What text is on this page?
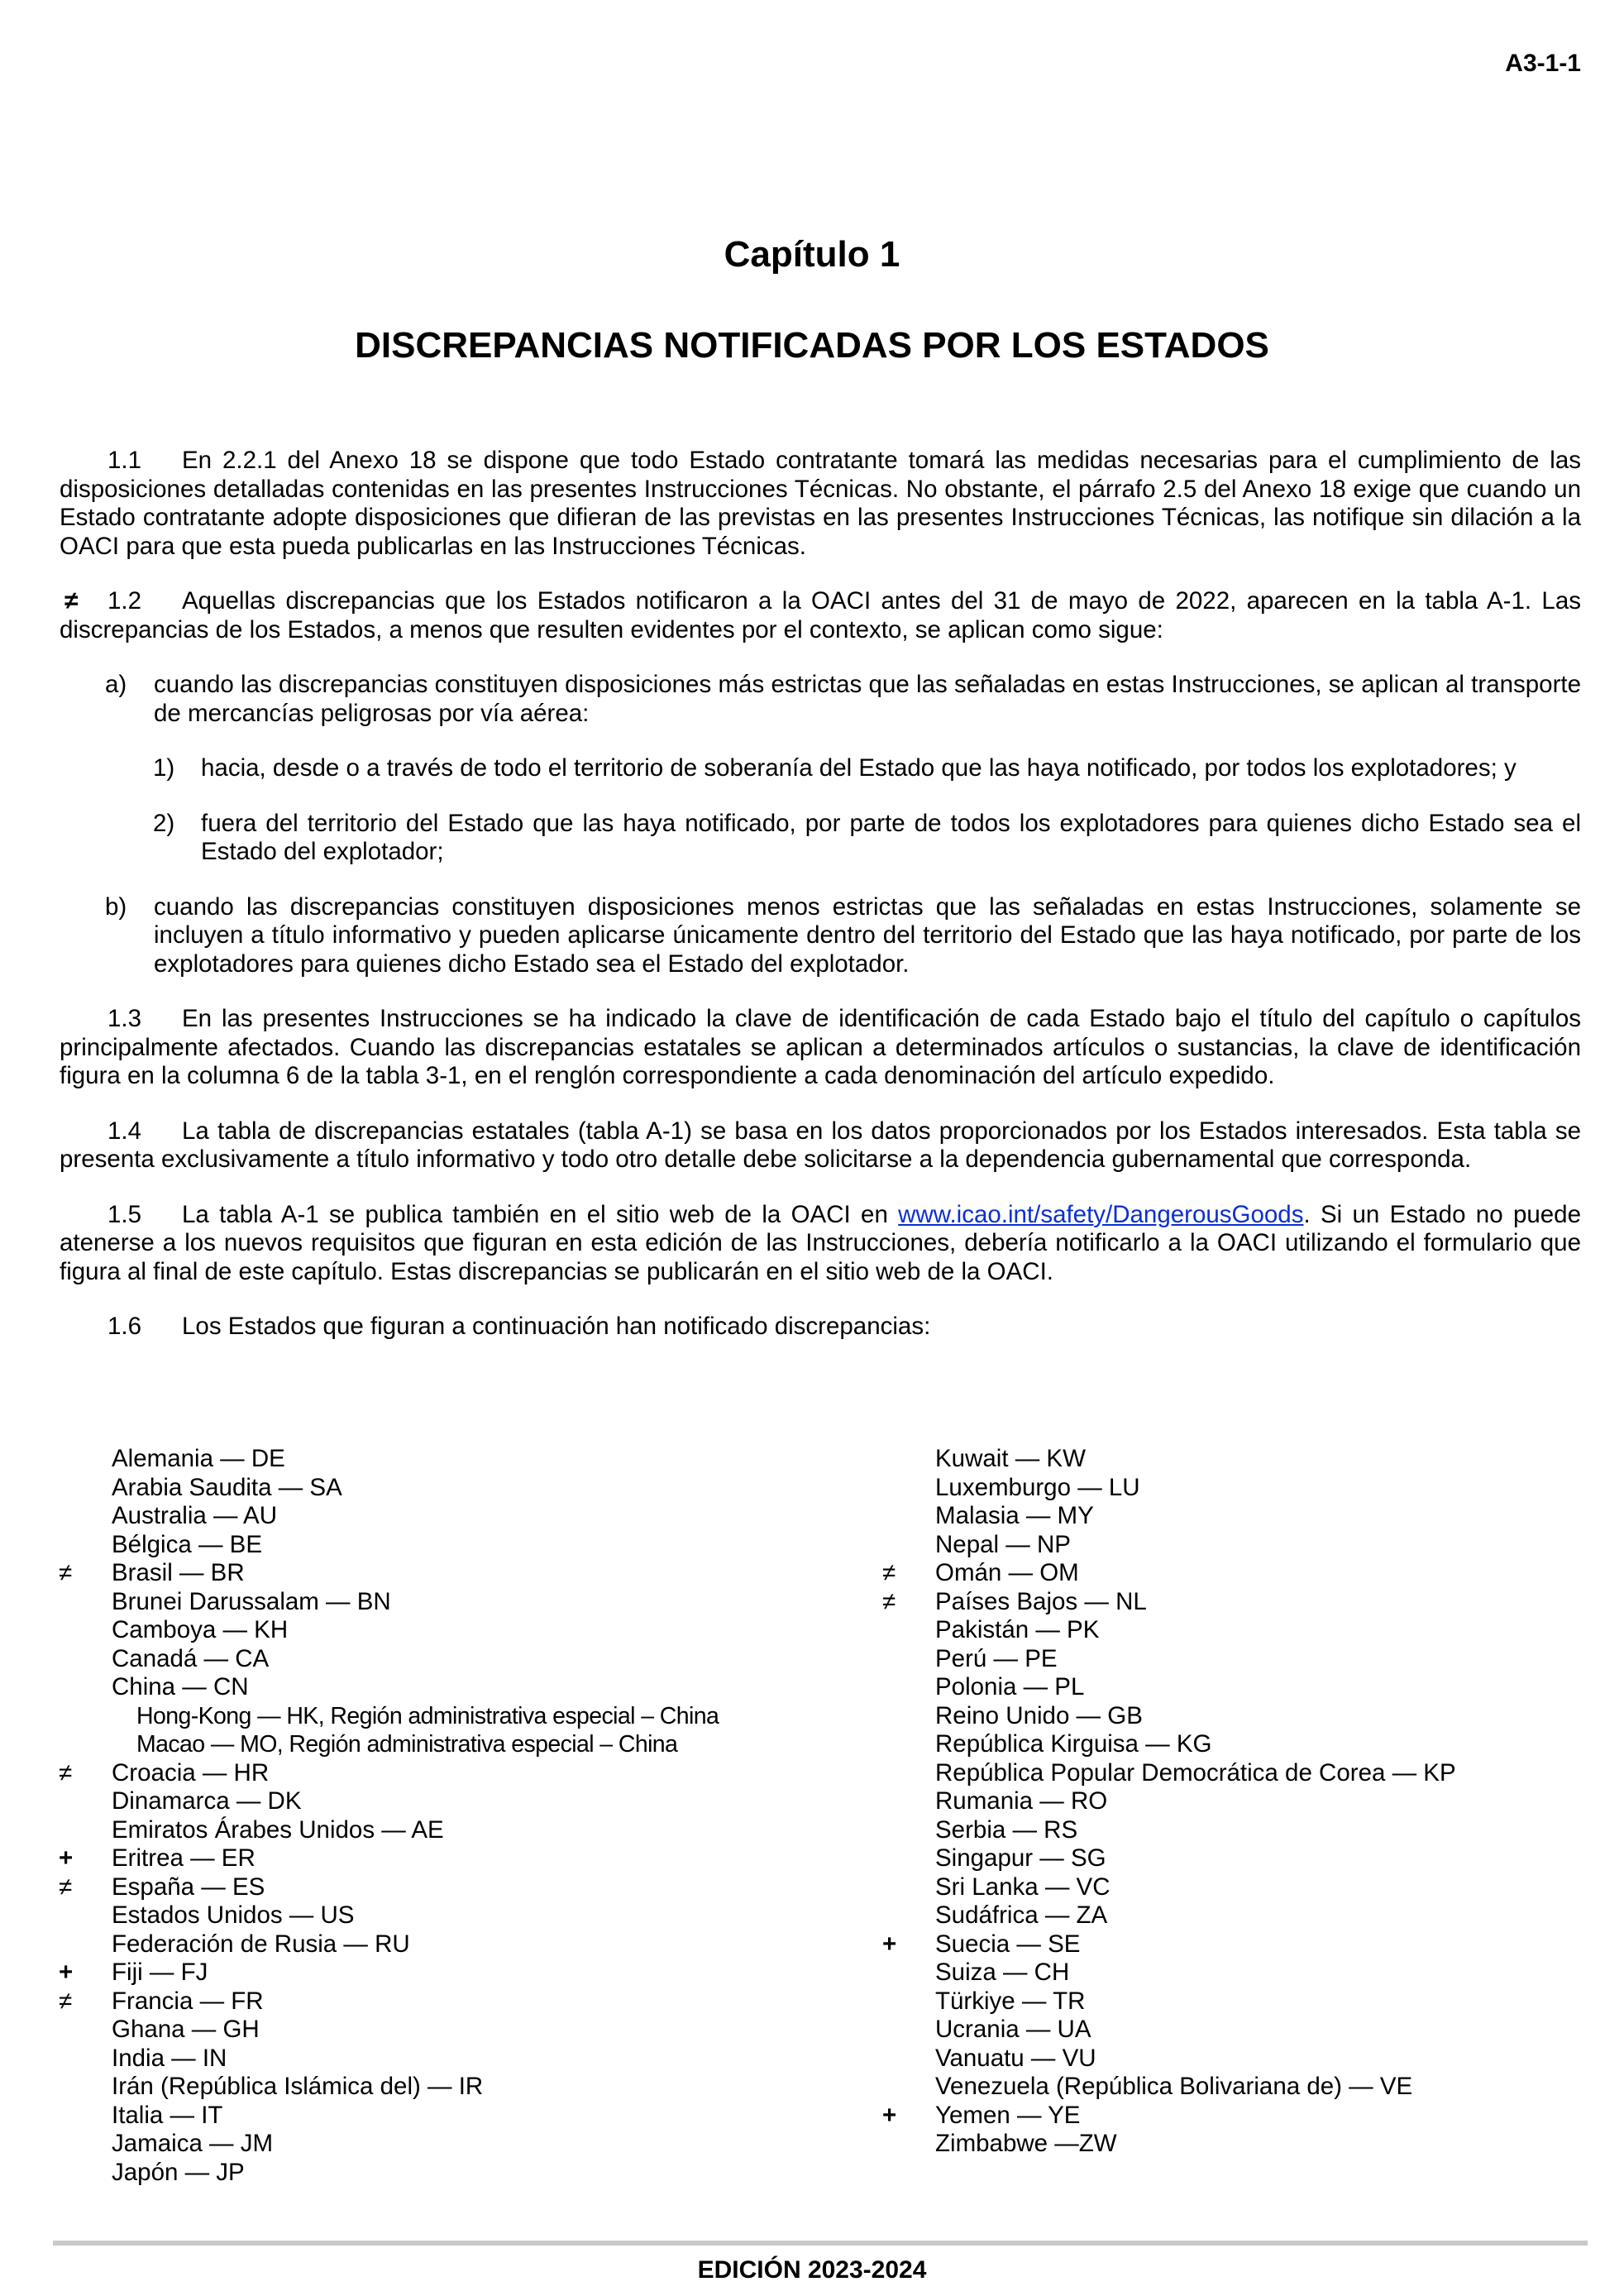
A3-1-1
Capítulo 1
DISCREPANCIAS NOTIFICADAS POR LOS ESTADOS

1.1 En 2.2.1 del Anexo 18 se dispone que todo Estado contratante tomará las medidas necesarias para el cumplimiento de las disposiciones detalladas contenidas en las presentes Instrucciones Técnicas. No obstante, el párrafo 2.5 del Anexo 18 exige que cuando un Estado contratante adopte disposiciones que difieran de las previstas en las presentes Instrucciones Técnicas, las notifique sin dilación a la OACI para que esta pueda publicarlas en las Instrucciones Técnicas.

≠ 1.2 Aquellas discrepancias que los Estados notificaron a la OACI antes del 31 de mayo de 2022, aparecen en la tabla A-1. Las discrepancias de los Estados, a menos que resulten evidentes por el contexto, se aplican como sigue:

a) cuando las discrepancias constituyen disposiciones más estrictas que las señaladas en estas Instrucciones, se aplican al transporte de mercancías peligrosas por vía aérea:
1) hacia, desde o a través de todo el territorio de soberanía del Estado que las haya notificado, por todos los explotadores; y
2) fuera del territorio del Estado que las haya notificado, por parte de todos los explotadores para quienes dicho Estado sea el Estado del explotador;
b) cuando las discrepancias constituyen disposiciones menos estrictas que las señaladas en estas Instrucciones, solamente se incluyen a título informativo y pueden aplicarse únicamente dentro del territorio del Estado que las haya notificado, por parte de los explotadores para quienes dicho Estado sea el Estado del explotador.

1.3 En las presentes Instrucciones se ha indicado la clave de identificación de cada Estado bajo el título del capítulo o capítulos principalmente afectados. Cuando las discrepancias estatales se aplican a determinados artículos o sustancias, la clave de identificación figura en la columna 6 de la tabla 3-1, en el renglón correspondiente a cada denominación del artículo expedido.

1.4 La tabla de discrepancias estatales (tabla A-1) se basa en los datos proporcionados por los Estados interesados. Esta tabla se presenta exclusivamente a título informativo y todo otro detalle debe solicitarse a la dependencia gubernamental que corresponda.

1.5 La tabla A-1 se publica también en el sitio web de la OACI en www.icao.int/safety/DangerousGoods. Si un Estado no puede atenerse a los nuevos requisitos que figuran en esta edición de las Instrucciones, debería notificarlo a la OACI utilizando el formulario que figura al final de este capítulo. Estas discrepancias se publicarán en el sitio web de la OACI.

1.6 Los Estados que figuran a continuación han notificado discrepancias:

Alemania — DE
Arabia Saudita — SA
Australia — AU
Bélgica — BE
≠ Brasil — BR
Brunei Darussalam — BN
Camboya — KH
Canadá — CA
China — CN
Hong-Kong — HK, Región administrativa especial – China
Macao — MO, Región administrativa especial – China
≠ Croacia — HR
Dinamarca — DK
Emiratos Árabes Unidos — AE
+ Eritrea — ER
≠ España — ES
Estados Unidos — US
Federación de Rusia — RU
+ Fiji — FJ
≠ Francia — FR
Ghana — GH
India — IN
Irán (República Islámica del) — IR
Italia — IT
Jamaica — JM
Japón — JP
Kuwait — KW
Luxemburgo — LU
Malasia — MY
Nepal — NP
≠ Omán — OM
≠ Países Bajos — NL
Pakistán — PK
Perú — PE
Polonia — PL
Reino Unido — GB
República Kirguisa — KG
República Popular Democrática de Corea — KP
Rumania — RO
Serbia — RS
Singapur — SG
Sri Lanka — VC
Sudáfrica — ZA
+ Suecia — SE
Suiza — CH
Türkiye — TR
Ucrania — UA
Vanuatu — VU
Venezuela (República Bolivariana de) — VE
+ Yemen — YE
Zimbabwe —ZW
EDICIÓN 2023-2024
